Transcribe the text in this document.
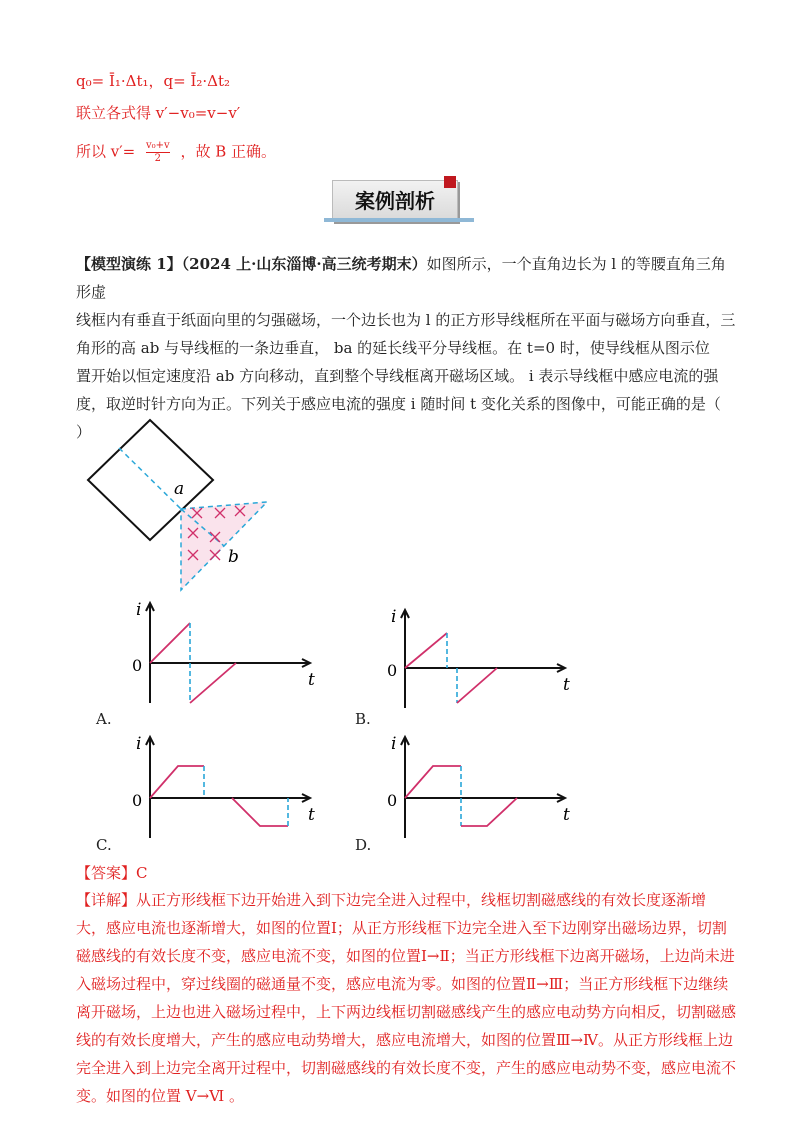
q₀= Ī₁·Δt₁，q= Ī₂·Δt₂
联立各式得 v′−v₀=v−v′
所以 $v'= \frac{\text{v₀+v}}{2}$ ，故 B 正确。
案例剖析
【模型演练 1】（2024 上·山东淄博·高三统考期末）如图所示，一个直角边长为 l 的等腰直角三角形虚
线框内有垂直于纸面向里的匀强磁场，一个边长也为 l 的正方形导线框所在平面与磁场方向垂直，三
角形的高 ab 与导线框的一条边垂直， ba 的延长线平分导线框。在 t=0 时，使导线框从图示位
置开始以恒定速度沿 ab 方向移动，直到整个导线框离开磁场区域。 i 表示导线框中感应电流的强
度，取逆时针方向为正。下列关于感应电流的强度 i 随时间 t 变化关系的图像中，可能正确的是（
）
a
b
i
t
0
i
t
0
i
t
0
i
t
0
A.	B.
C.	D.
【答案】C
【详解】从正方形线框下边开始进入到下边完全进入过程中，线框切割磁感线的有效长度逐渐增大，感应电流也逐渐增大，如图的位置Ⅰ；从正方形线框下边完全进入至下边刚穿出磁场边界，切割磁感线的有效长度不变，感应电流不变，如图的位置Ⅰ→Ⅱ；当正方形线框下边离开磁场，上边尚未进入磁场过程中，穿过线圈的磁通量不变，感应电流为零。如图的位置Ⅱ→Ⅲ；当正方形线框下边继续离开磁场，上边也进入磁场过程中，上下两边线框切割磁感线产生的感应电动势方向相反，切割磁感线的有效长度增大，产生的感应电动势增大，感应电流增大，如图的位置Ⅲ→Ⅳ。从正方形线框上边完全进入到上边完全离开过程中，切割磁感线的有效长度不变，产生的感应电动势不变，感应电流不变。如图的位置 Ⅴ→Ⅵ 。
